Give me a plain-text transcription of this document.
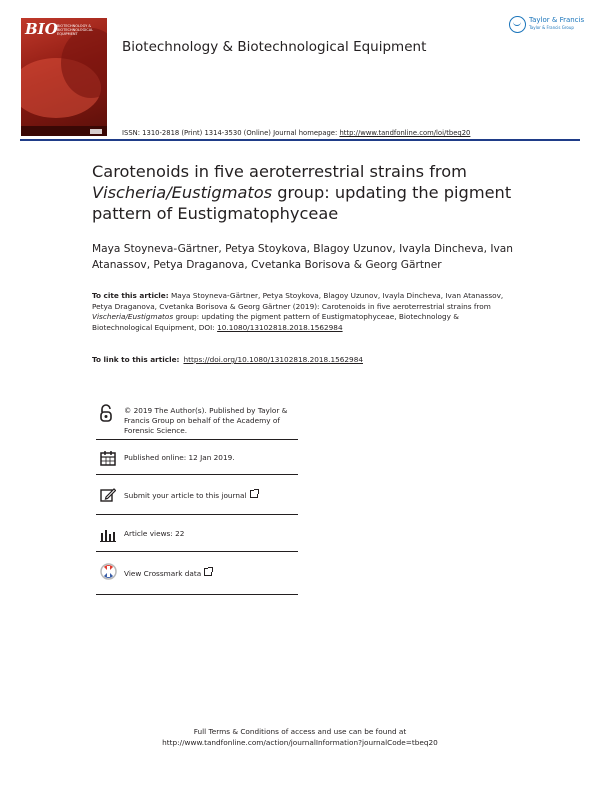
BIO BIOTECHNOLOGY & BIOTECHNOLOGICAL EQUIPMENT
Biotechnology & Biotechnological Equipment
Taylor & Francis
Taylor & Francis Group
ISSN: 1310-2818 (Print) 1314-3530 (Online) Journal homepage: http://www.tandfonline.com/loi/tbeq20
Carotenoids in five aeroterrestrial strains from Vischeria/Eustigmatos group: updating the pigment pattern of Eustigmatophyceae
Maya Stoyneva-Gärtner, Petya Stoykova, Blagoy Uzunov, Ivayla Dincheva, Ivan Atanassov, Petya Draganova, Cvetanka Borisova & Georg Gärtner
To cite this article: Maya Stoyneva-Gärtner, Petya Stoykova, Blagoy Uzunov, Ivayla Dincheva, Ivan Atanassov, Petya Draganova, Cvetanka Borisova & Georg Gärtner (2019): Carotenoids in five aeroterrestrial strains from Vischeria/Eustigmatos group: updating the pigment pattern of Eustigmatophyceae, Biotechnology & Biotechnological Equipment, DOI: 10.1080/13102818.2018.1562984
To link to this article: https://doi.org/10.1080/13102818.2018.1562984
© 2019 The Author(s). Published by Taylor & Francis Group on behalf of the Academy of Forensic Science.
Published online: 12 Jan 2019.
Submit your article to this journal
Article views: 22
View Crossmark data
Full Terms & Conditions of access and use can be found at
http://www.tandfonline.com/action/journalInformation?journalCode=tbeq20
